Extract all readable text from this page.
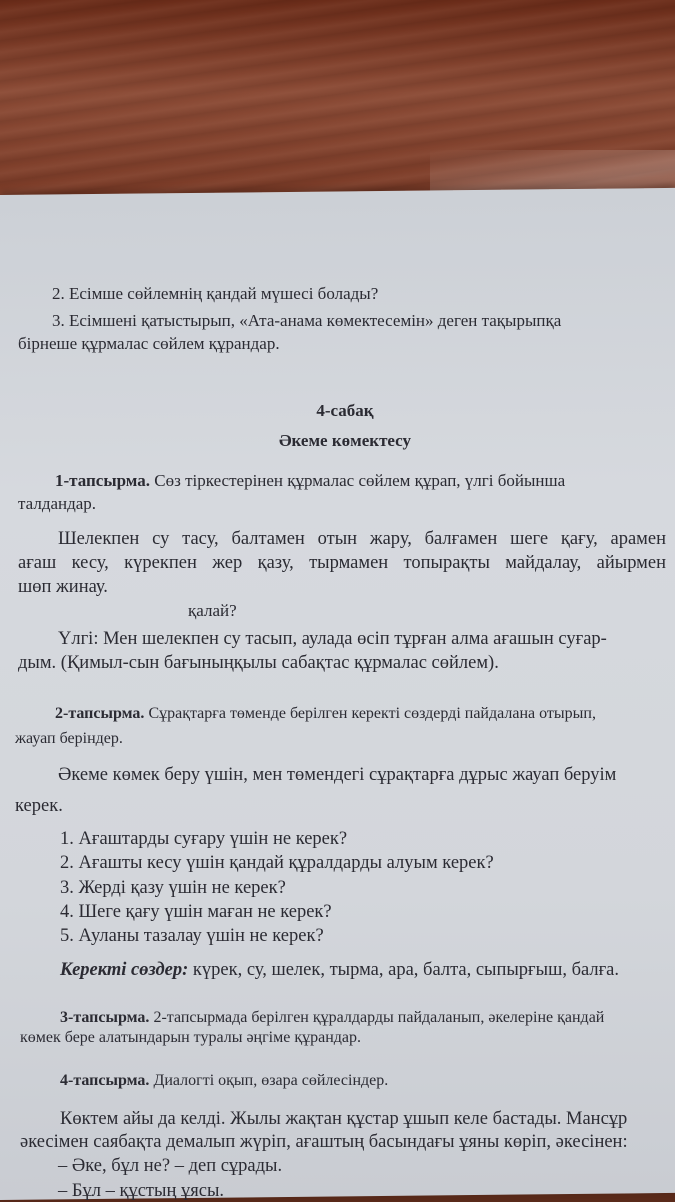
2. Есімше сөйлемнің қандай мүшесі болады?
3. Есімшені қатыстырып, «Ата-анама көмектесемін» деген тақырыпқа
бірнеше құрмалас сөйлем құрандар.
4-сабақ
Әкеме көмектесу
1-тапсырма. Сөз тіркестерінен құрмалас сөйлем құрап, үлгі бойынша
талдандар.
Шелекпен су тасу, балтамен отын жару, балғамен шеге қағу, арамен
ағаш кесу, күрекпен жер қазу, тырмамен топырақты майдалау, айырмен
шөп жинау.
қалай?
Үлгі: Мен шелекпен су тасып, аулада өсіп тұрған алма ағашын суғар-
дым. (Қимыл-сын бағыныңқылы сабақтас құрмалас сөйлем).
2-тапсырма. Сұрақтарға төменде берілген керекті сөздерді пайдалана отырып,
жауап беріндер.
Әкеме көмек беру үшін, мен төмендегі сұрақтарға дұрыс жауап беруім
керек.
1. Ағаштарды суғару үшін не керек?
2. Ағашты кесу үшін қандай құралдарды алуым керек?
3. Жерді қазу үшін не керек?
4. Шеге қағу үшін маған не керек?
5. Ауланы тазалау үшін не керек?
Керекті сөздер: күрек, су, шелек, тырма, ара, балта, сыпырғыш, балға.
3-тапсырма. 2-тапсырмада берілген құралдарды пайдаланып, әкелеріне қандай
көмек бере алатындарын туралы әңгіме құрандар.
4-тапсырма. Диалогті оқып, өзара сөйлесіндер.
Көктем айы да келді. Жылы жақтан құстар ұшып келе бастады. Мансұр
әкесімен саябақта демалып жүріп, ағаштың басындағы ұяны көріп, әкесінен:
– Әке, бұл не? – деп сұрады.
– Бұл – құстың ұясы.
